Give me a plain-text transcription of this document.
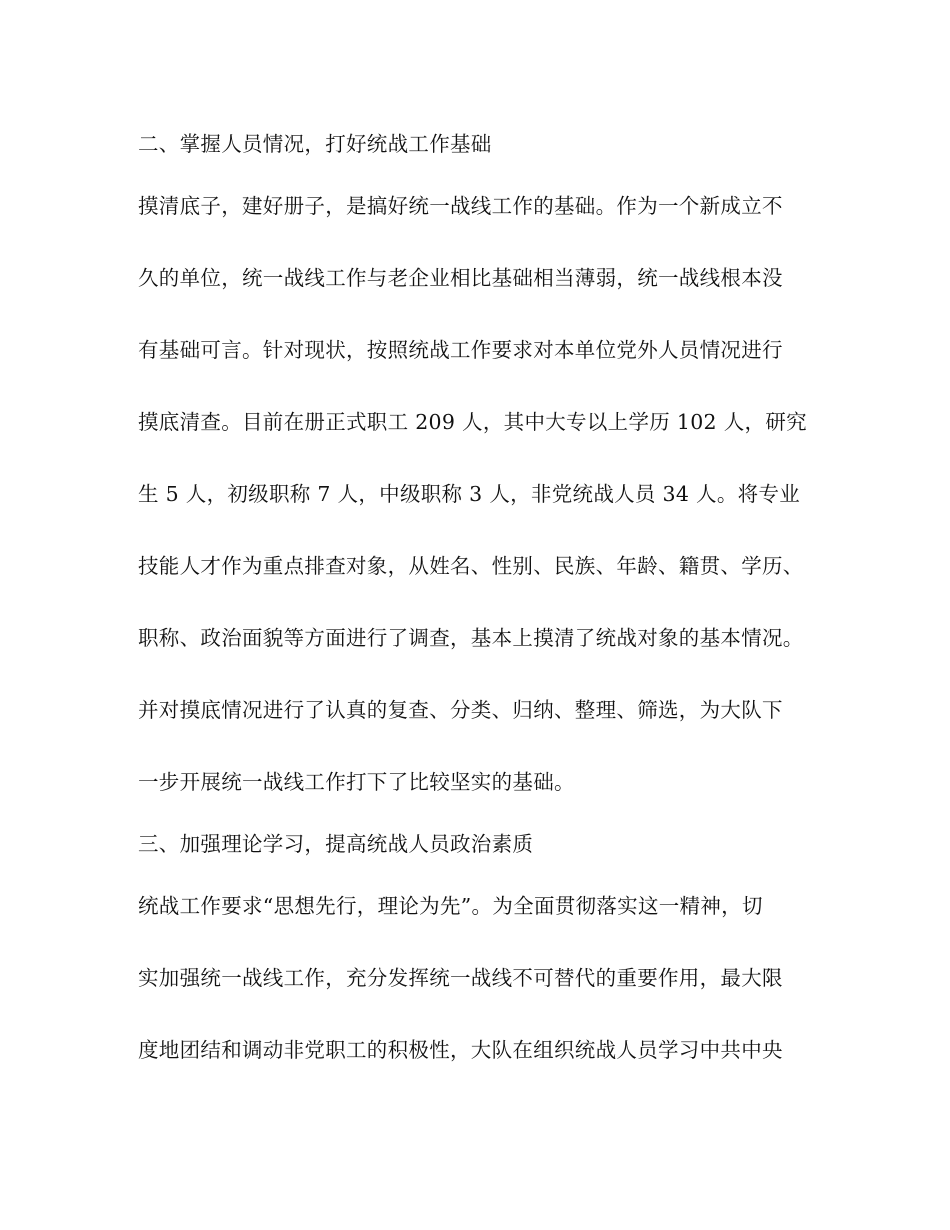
二、掌握人员情况，打好统战工作基础
摸清底子，建好册子，是搞好统一战线工作的基础。作为一个新成立不
久的单位，统一战线工作与老企业相比基础相当薄弱，统一战线根本没
有基础可言。针对现状，按照统战工作要求对本单位党外人员情况进行
摸底清查。目前在册正式职工 209 人，其中大专以上学历 102 人，研究
生 5 人，初级职称 7 人，中级职称 3 人，非党统战人员 34 人。将专业
技能人才作为重点排查对象，从姓名、性别、民族、年龄、籍贯、学历、
职称、政治面貌等方面进行了调查，基本上摸清了统战对象的基本情况。
并对摸底情况进行了认真的复查、分类、归纳、整理、筛选，为大队下
一步开展统一战线工作打下了比较坚实的基础。
三、加强理论学习，提高统战人员政治素质
统战工作要求“思想先行，理论为先”。为全面贯彻落实这一精神，切
实加强统一战线工作，充分发挥统一战线不可替代的重要作用，最大限
度地团结和调动非党职工的积极性，大队在组织统战人员学习中共中央
